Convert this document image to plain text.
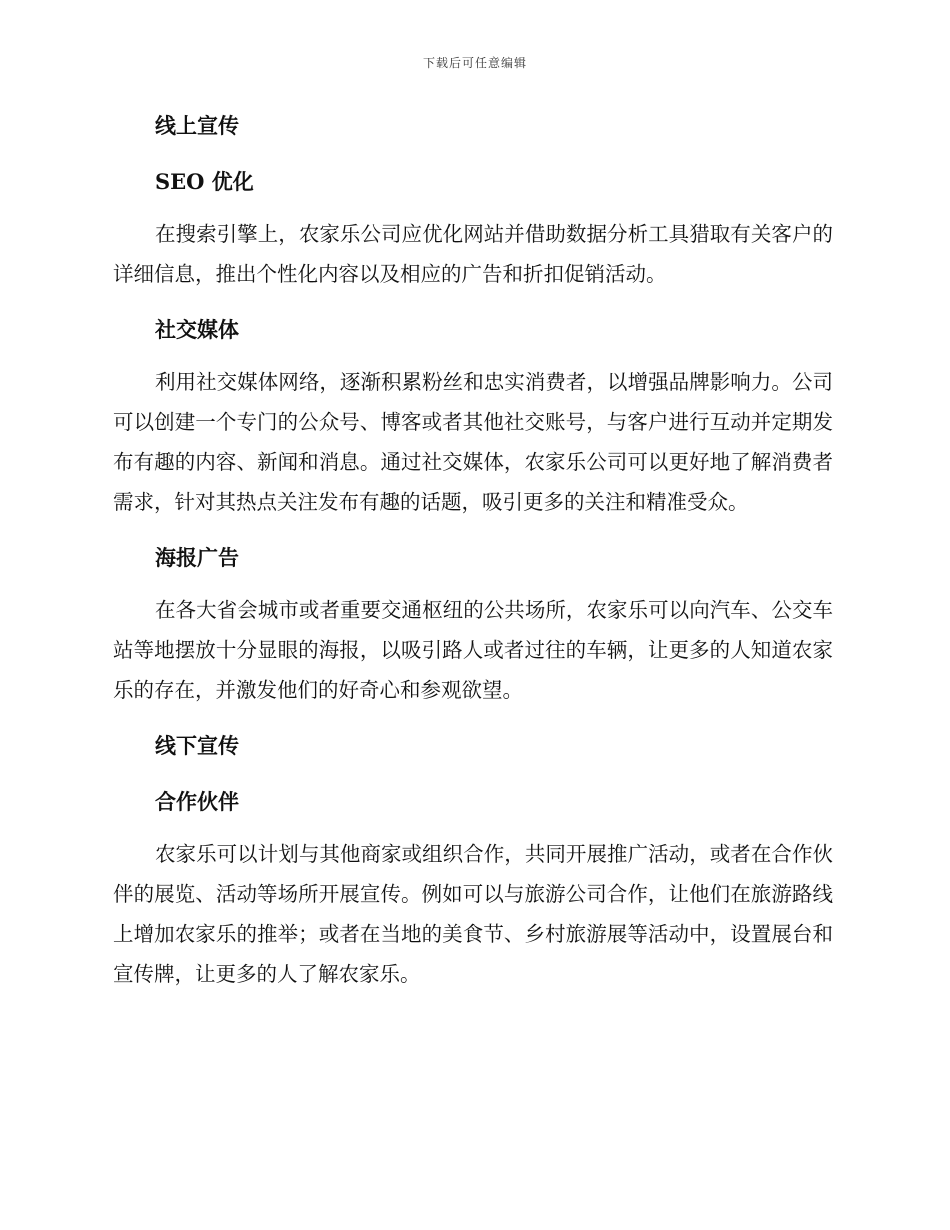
下载后可任意编辑
线上宣传
SEO 优化

在搜索引擎上，农家乐公司应优化网站并借助数据分析工具猎取有关客户的详细信息，推出个性化内容以及相应的广告和折扣促销活动。

社交媒体

利用社交媒体网络，逐渐积累粉丝和忠实消费者，以增强品牌影响力。公司可以创建一个专门的公众号、博客或者其他社交账号，与客户进行互动并定期发布有趣的内容、新闻和消息。通过社交媒体，农家乐公司可以更好地了解消费者需求，针对其热点关注发布有趣的话题，吸引更多的关注和精准受众。

海报广告

在各大省会城市或者重要交通枢纽的公共场所，农家乐可以向汽车、公交车站等地摆放十分显眼的海报，以吸引路人或者过往的车辆，让更多的人知道农家乐的存在，并激发他们的好奇心和参观欲望。

线下宣传
合作伙伴

农家乐可以计划与其他商家或组织合作，共同开展推广活动，或者在合作伙伴的展览、活动等场所开展宣传。例如可以与旅游公司合作，让他们在旅游路线上增加农家乐的推举；或者在当地的美食节、乡村旅游展等活动中，设置展台和宣传牌，让更多的人了解农家乐。
